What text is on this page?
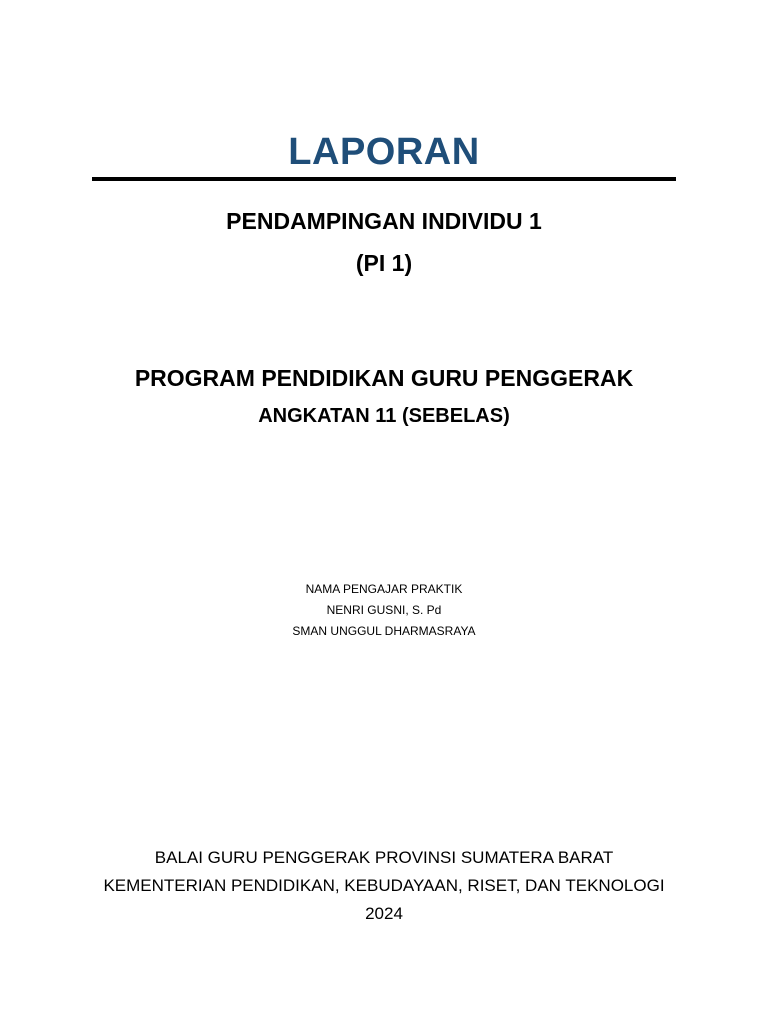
LAPORAN
PENDAMPINGAN INDIVIDU 1
(PI 1)
PROGRAM PENDIDIKAN GURU PENGGERAK
ANGKATAN 11 (SEBELAS)
NAMA PENGAJAR PRAKTIK
NENRI GUSNI, S. Pd
SMAN UNGGUL DHARMASRAYA
BALAI GURU PENGGERAK PROVINSI SUMATERA BARAT
KEMENTERIAN PENDIDIKAN, KEBUDAYAAN, RISET, DAN TEKNOLOGI
2024
